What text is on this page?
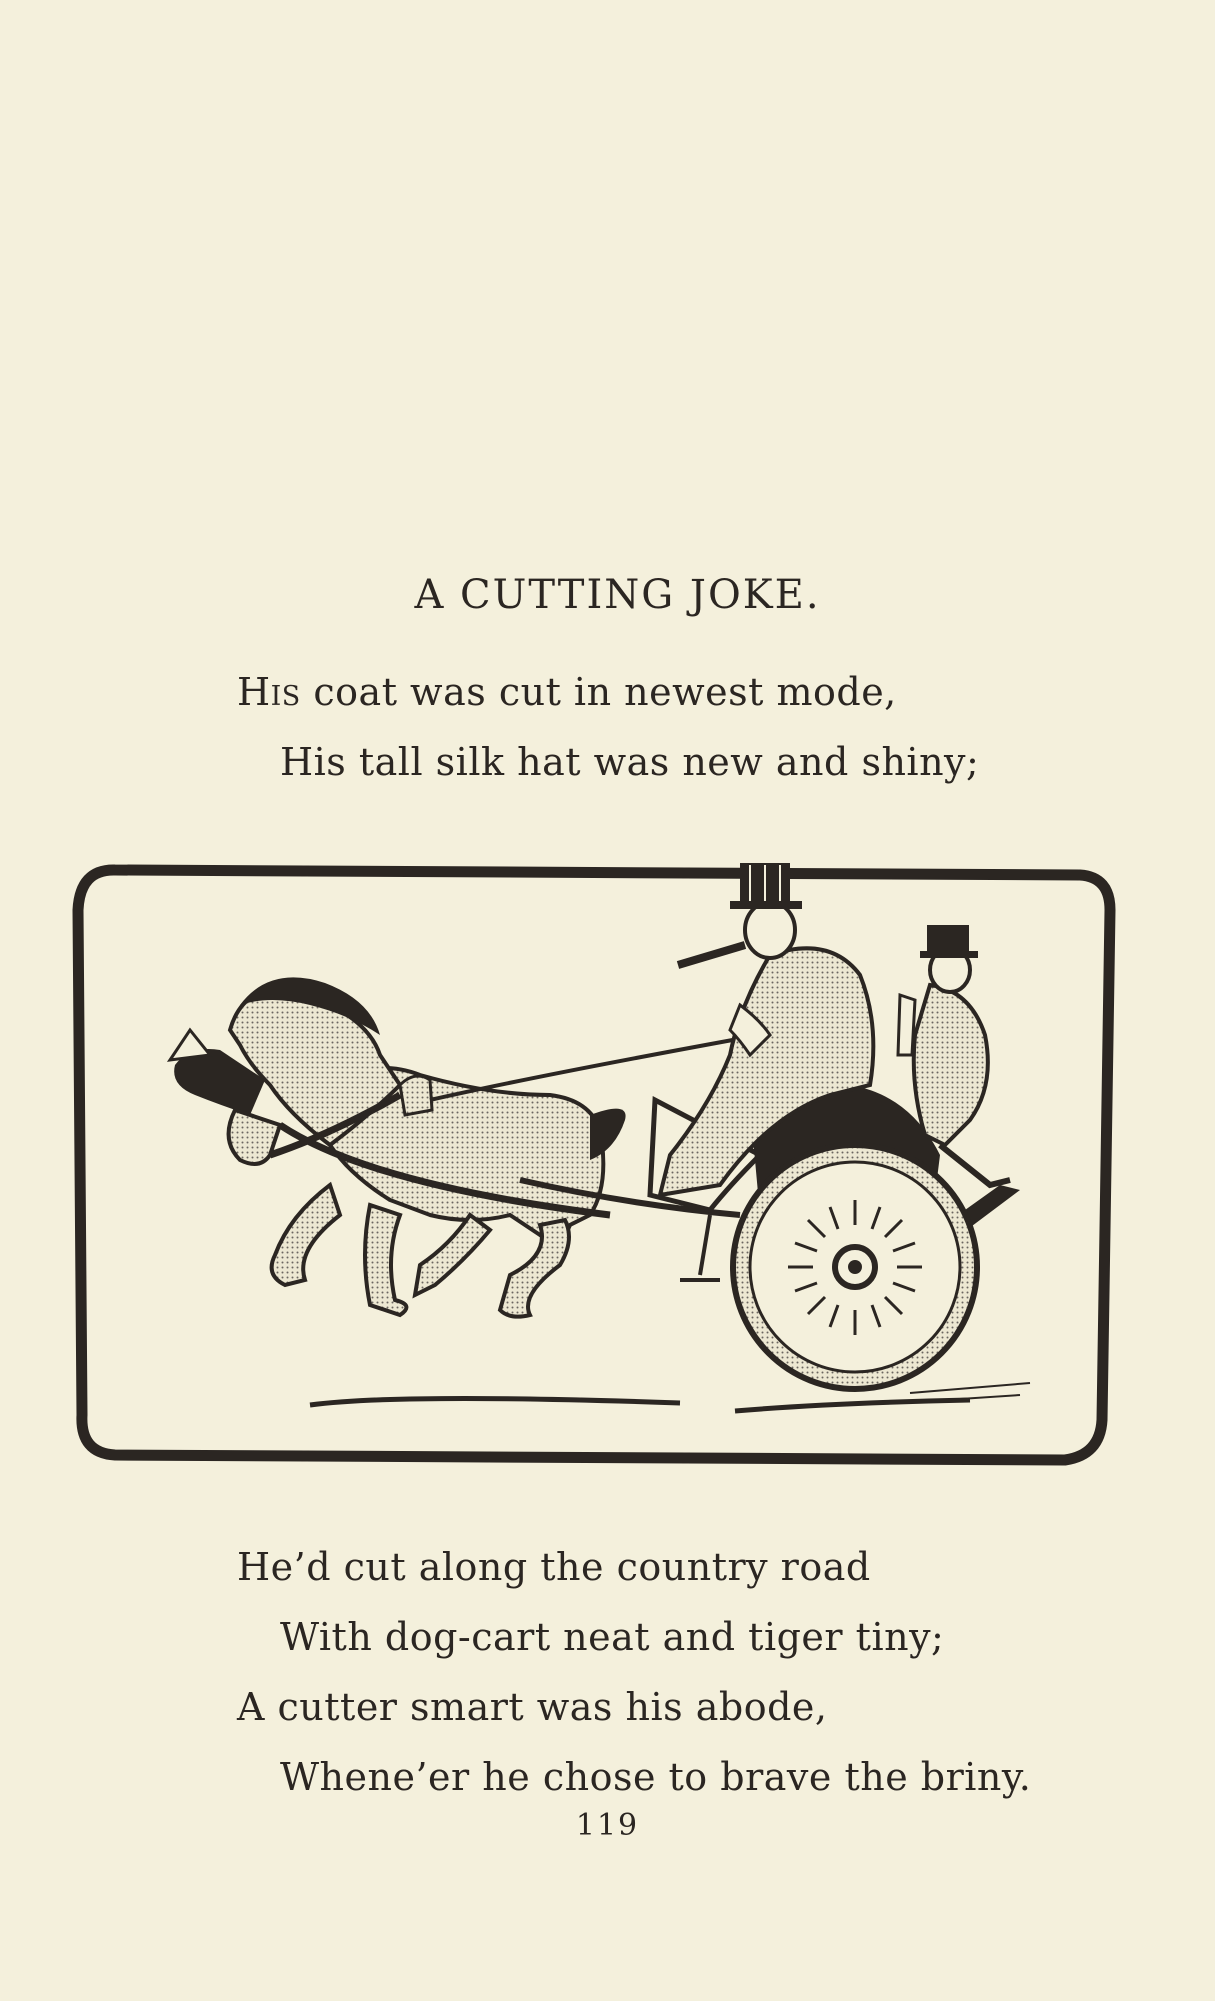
A CUTTING JOKE.
His coat was cut in newest mode,
His tall silk hat was new and shiny;
He’d cut along the country road
With dog-cart neat and tiger tiny;
A cutter smart was his abode,
Whene’er he chose to brave the briny.
119
